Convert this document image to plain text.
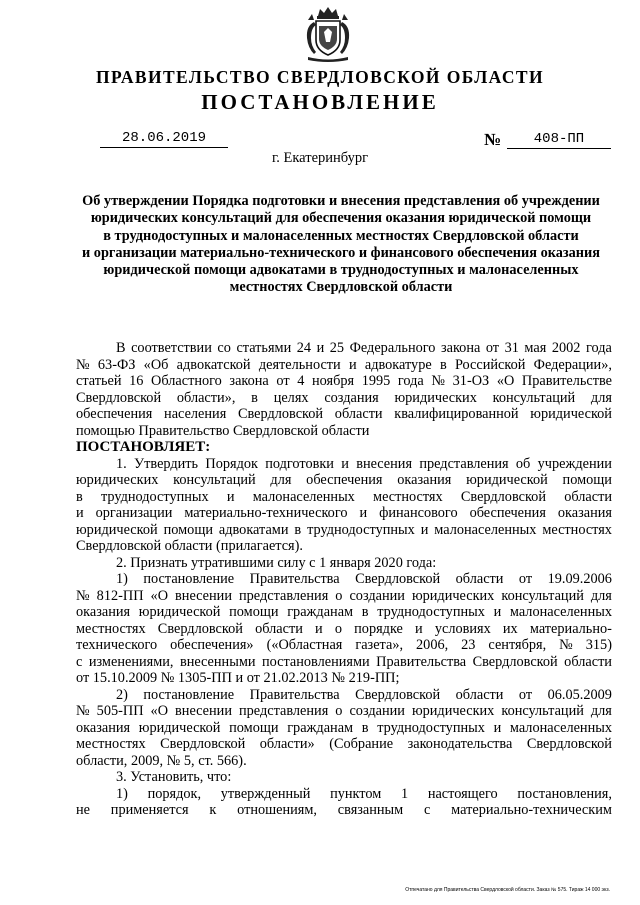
ПРАВИТЕЛЬСТВО СВЕРДЛОВСКОЙ ОБЛАСТИ
ПОСТАНОВЛЕНИЕ
28.06.2019	№	408-ПП
г. Екатеринбург
Об утверждении Порядка подготовки и внесения представления об учреждении
юридических консультаций для обеспечения оказания юридической помощи
в труднодоступных и малонаселенных местностях Свердловской области
и организации материально-технического и финансового обеспечения оказания
юридической помощи адвокатами в труднодоступных и малонаселенных
местностях Свердловской области
В соответствии со статьями 24 и 25 Федерального закона от 31 мая 2002 года
№ 63-ФЗ «Об адвокатской деятельности и адвокатуре в Российской Федерации»,
статьей 16 Областного закона от 4 ноября 1995 года № 31-ОЗ «О Правительстве
Свердловской области», в целях создания юридических консультаций для
обеспечения населения Свердловской области квалифицированной юридической
помощью Правительство Свердловской области
ПОСТАНОВЛЯЕТ:
1. Утвердить Порядок подготовки и внесения представления об учреждении
юридических консультаций для обеспечения оказания юридической помощи
в труднодоступных и малонаселенных местностях Свердловской области
и организации материально-технического и финансового обеспечения оказания
юридической помощи адвокатами в труднодоступных и малонаселенных местностях
Свердловской области (прилагается).
2. Признать утратившими силу с 1 января 2020 года:
1) постановление Правительства Свердловской области от 19.09.2006
№ 812-ПП «О внесении представления о создании юридических консультаций для
оказания юридической помощи гражданам в труднодоступных и малонаселенных
местностях Свердловской области и о порядке и условиях их материально-
технического обеспечения» («Областная газета», 2006, 23 сентября, № 315)
с изменениями, внесенными постановлениями Правительства Свердловской области
от 15.10.2009 № 1305-ПП и от 21.02.2013 № 219-ПП;
2) постановление Правительства Свердловской области от 06.05.2009
№ 505-ПП «О внесении представления о создании юридических консультаций для
оказания юридической помощи гражданам в труднодоступных и малонаселенных
местностях Свердловской области» (Собрание законодательства Свердловской
области, 2009, № 5, ст. 566).
3. Установить, что:
1) порядок, утвержденный пунктом 1 настоящего постановления,
не применяется к отношениям, связанным с материально-техническим
Отпечатано для Правительства Свердловской области. Заказ № 575. Тираж 14 000 экз.
